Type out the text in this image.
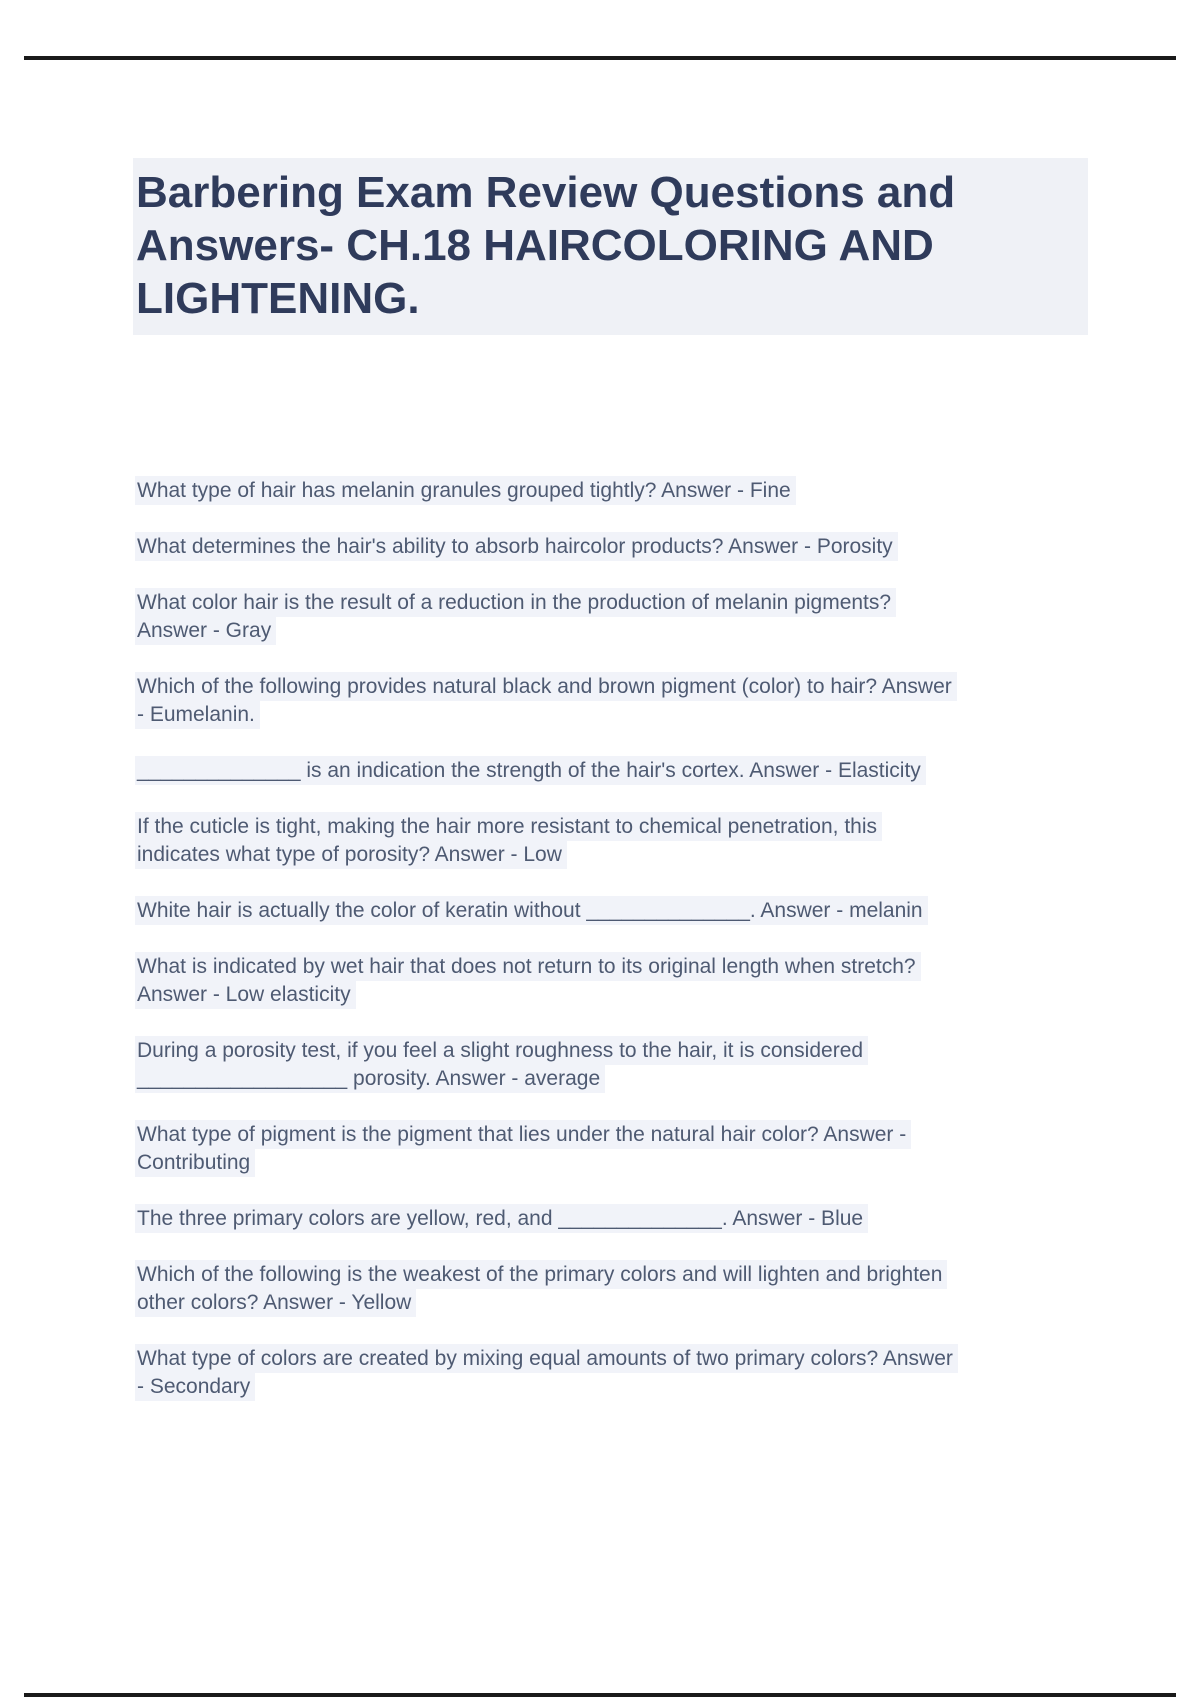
Barbering Exam Review Questions and
Answers- CH.18 HAIRCOLORING AND
LIGHTENING.
What type of hair has melanin granules grouped tightly? Answer - Fine
What determines the hair's ability to absorb haircolor products? Answer - Porosity
What color hair is the result of a reduction in the production of melanin pigments?
Answer - Gray
Which of the following provides natural black and brown pigment (color) to hair? Answer
- Eumelanin.
______________ is an indication the strength of the hair's cortex. Answer - Elasticity
If the cuticle is tight, making the hair more resistant to chemical penetration, this
indicates what type of porosity? Answer - Low
White hair is actually the color of keratin without ______________. Answer - melanin
What is indicated by wet hair that does not return to its original length when stretch?
Answer - Low elasticity
During a porosity test, if you feel a slight roughness to the hair, it is considered
__________________ porosity. Answer - average
What type of pigment is the pigment that lies under the natural hair color? Answer -
Contributing
The three primary colors are yellow, red, and ______________. Answer - Blue
Which of the following is the weakest of the primary colors and will lighten and brighten
other colors? Answer - Yellow
What type of colors are created by mixing equal amounts of two primary colors? Answer
- Secondary
